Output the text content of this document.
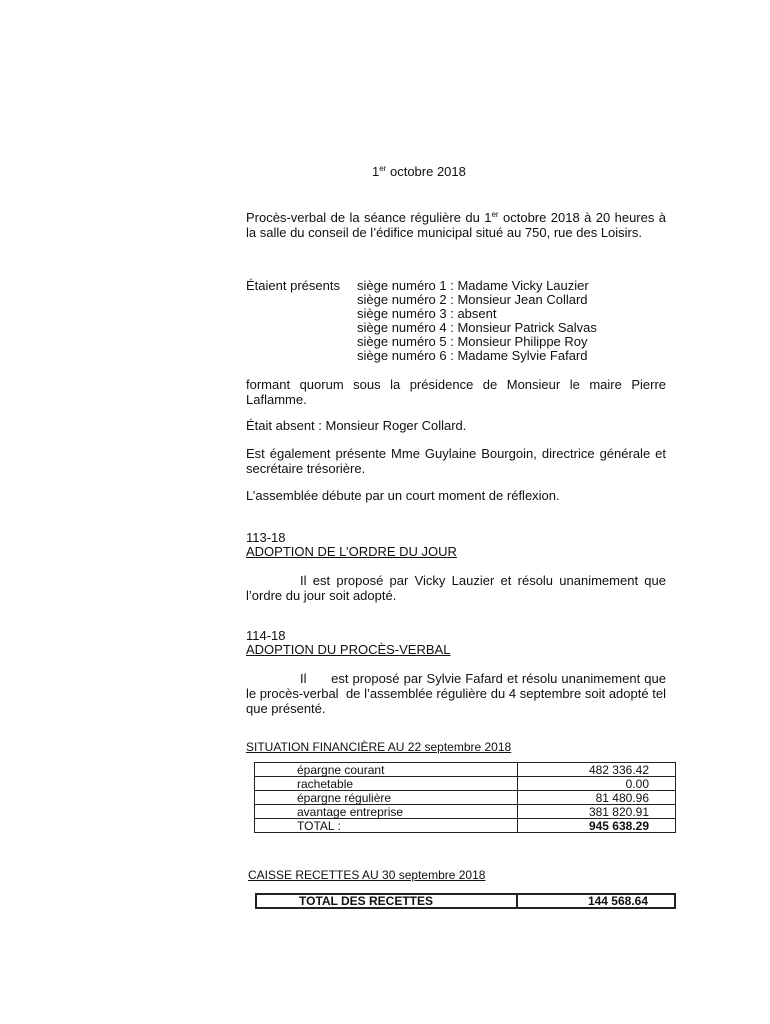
1er octobre 2018
Procès-verbal de la séance régulière du 1er octobre 2018 à 20 heures à la salle du conseil de l’édifice municipal situé au 750, rue des Loisirs.
Étaient présents siège numéro 1 : Madame Vicky Lauzier
siège numéro 2 : Monsieur Jean Collard
siège numéro 3 : absent
siège numéro 4 : Monsieur Patrick Salvas
siège numéro 5 : Monsieur Philippe Roy
siège numéro 6 : Madame Sylvie Fafard
formant quorum sous la présidence de Monsieur le maire Pierre Laflamme.
Était absent : Monsieur Roger Collard.
Est également présente Mme Guylaine Bourgoin, directrice générale et secrétaire trésorière.
L’assemblée débute par un court moment de réflexion.
113-18
ADOPTION DE L’ORDRE DU JOUR
Il est proposé par Vicky Lauzier et résolu unanimement que l’ordre du jour soit adopté.
114-18
ADOPTION DU PROCÈS-VERBAL
Il      est proposé par Sylvie Fafard et résolu unanimement que le procès-verbal  de l’assemblée régulière du 4 septembre soit adopté tel que présenté.
SITUATION FINANCIÈRE AU 22 septembre 2018
épargne courant	482 336.42
rachetable	0.00
épargne régulière	81 480.96
avantage entreprise	381 820.91
TOTAL :	945 638.29
CAISSE RECETTES AU 30 septembre 2018
TOTAL DES RECETTES	144 568.64
